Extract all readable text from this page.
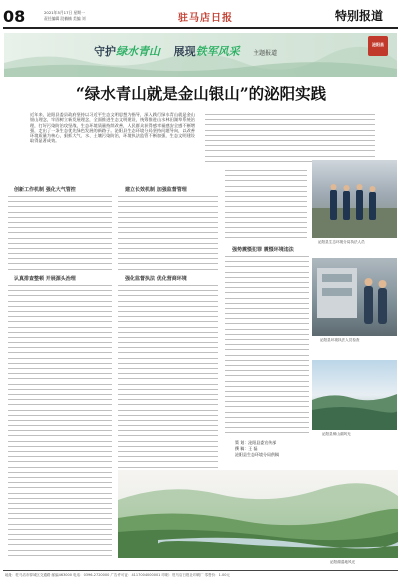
08	2021年5月17日 星期一
责任编辑 段楠楠 美编 刘	驻马店日报	特别报道
守护绿水青山 展现铁军风采 主题报道
泌阳县
“绿水青山就是金山银山”的泌阳实践
近年来，泌阳县委县政府坚持以习近平生态文明思想为指导，深入践行绿水青山就是金山银山理念，牢固树立新发展理念，全面推进生态文明建设，统筹推进山水林田湖草系统治理，打好污染防治攻坚战，生态环境质量持续改善，人民群众获得感幸福感安全感不断增强，走出了一条生态优先绿色发展的新路子。泌阳县生态环境分局坚持问题导向，以改善环境质量为核心，狠抓大气、水、土壤污染防治，环境执法监管不断加强，生态文明建设取得显著成效。
创新工作机制 强化大气管控
认真排查整顿 开展源头治理
建立长效机制 加强监督管理
强化监督执法 优化营商环境
强势震慑犯罪 震慑环境违法
策 划：泌阳县委宣传部
撰 稿：王 磊
泌阳县生态环境分局供稿
泌阳县生态环境分局执法人员
泌阳县环境执法人员检查
泌阳县铜山湖风光
泌阳湖湿地风光
地址：驻马店市驿城区交通路 邮编463000 电话：0396-2720000 广告许可证：4117004000001 印刷：驻马店日报社印刷厂 零售价：1.00元
